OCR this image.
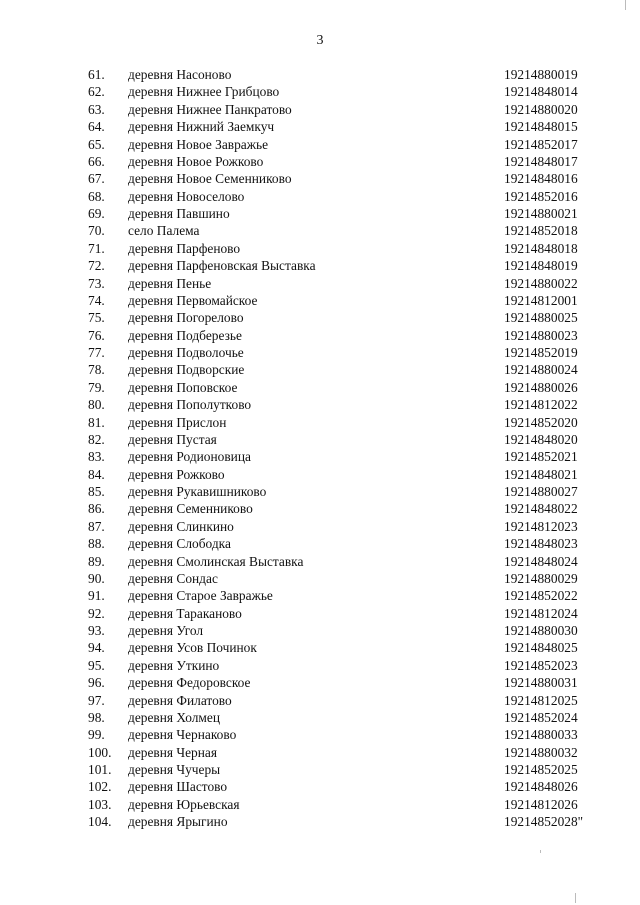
3
61. деревня Насоново	19214880019
62. деревня Нижнее Грибцово	19214848014
63. деревня Нижнее Панкратово	19214880020
64. деревня Нижний Заемкуч	19214848015
65. деревня Новое Завражье	19214852017
66. деревня Новое Рожково	19214848017
67. деревня Новое Семенниково	19214848016
68. деревня Новоселово	19214852016
69. деревня Павшино	19214880021
70. село Палема	19214852018
71. деревня Парфеново	19214848018
72. деревня Парфеновская Выставка	19214848019
73. деревня Пенье	19214880022
74. деревня Первомайское	19214812001
75. деревня Погорелово	19214880025
76. деревня Подберезье	19214880023
77. деревня Подволочье	19214852019
78. деревня Подворские	19214880024
79. деревня Поповское	19214880026
80. деревня Пополутково	19214812022
81. деревня Прислон	19214852020
82. деревня Пустая	19214848020
83. деревня Родионовица	19214852021
84. деревня Рожково	19214848021
85. деревня Рукавишниково	19214880027
86. деревня Семенниково	19214848022
87. деревня Слинкино	19214812023
88. деревня Слободка	19214848023
89. деревня Смолинская Выставка	19214848024
90. деревня Сондас	19214880029
91. деревня Старое Завражье	19214852022
92. деревня Тараканово	19214812024
93. деревня Угол	19214880030
94. деревня Усов Починок	19214848025
95. деревня Уткино	19214852023
96. деревня Федоровское	19214880031
97. деревня Филатово	19214812025
98. деревня Холмец	19214852024
99. деревня Чернаково	19214880033
100. деревня Черная	19214880032
101. деревня Чучеры	19214852025
102. деревня Шастово	19214848026
103. деревня Юрьевская	19214812026
104. деревня Ярыгино	19214852028"
